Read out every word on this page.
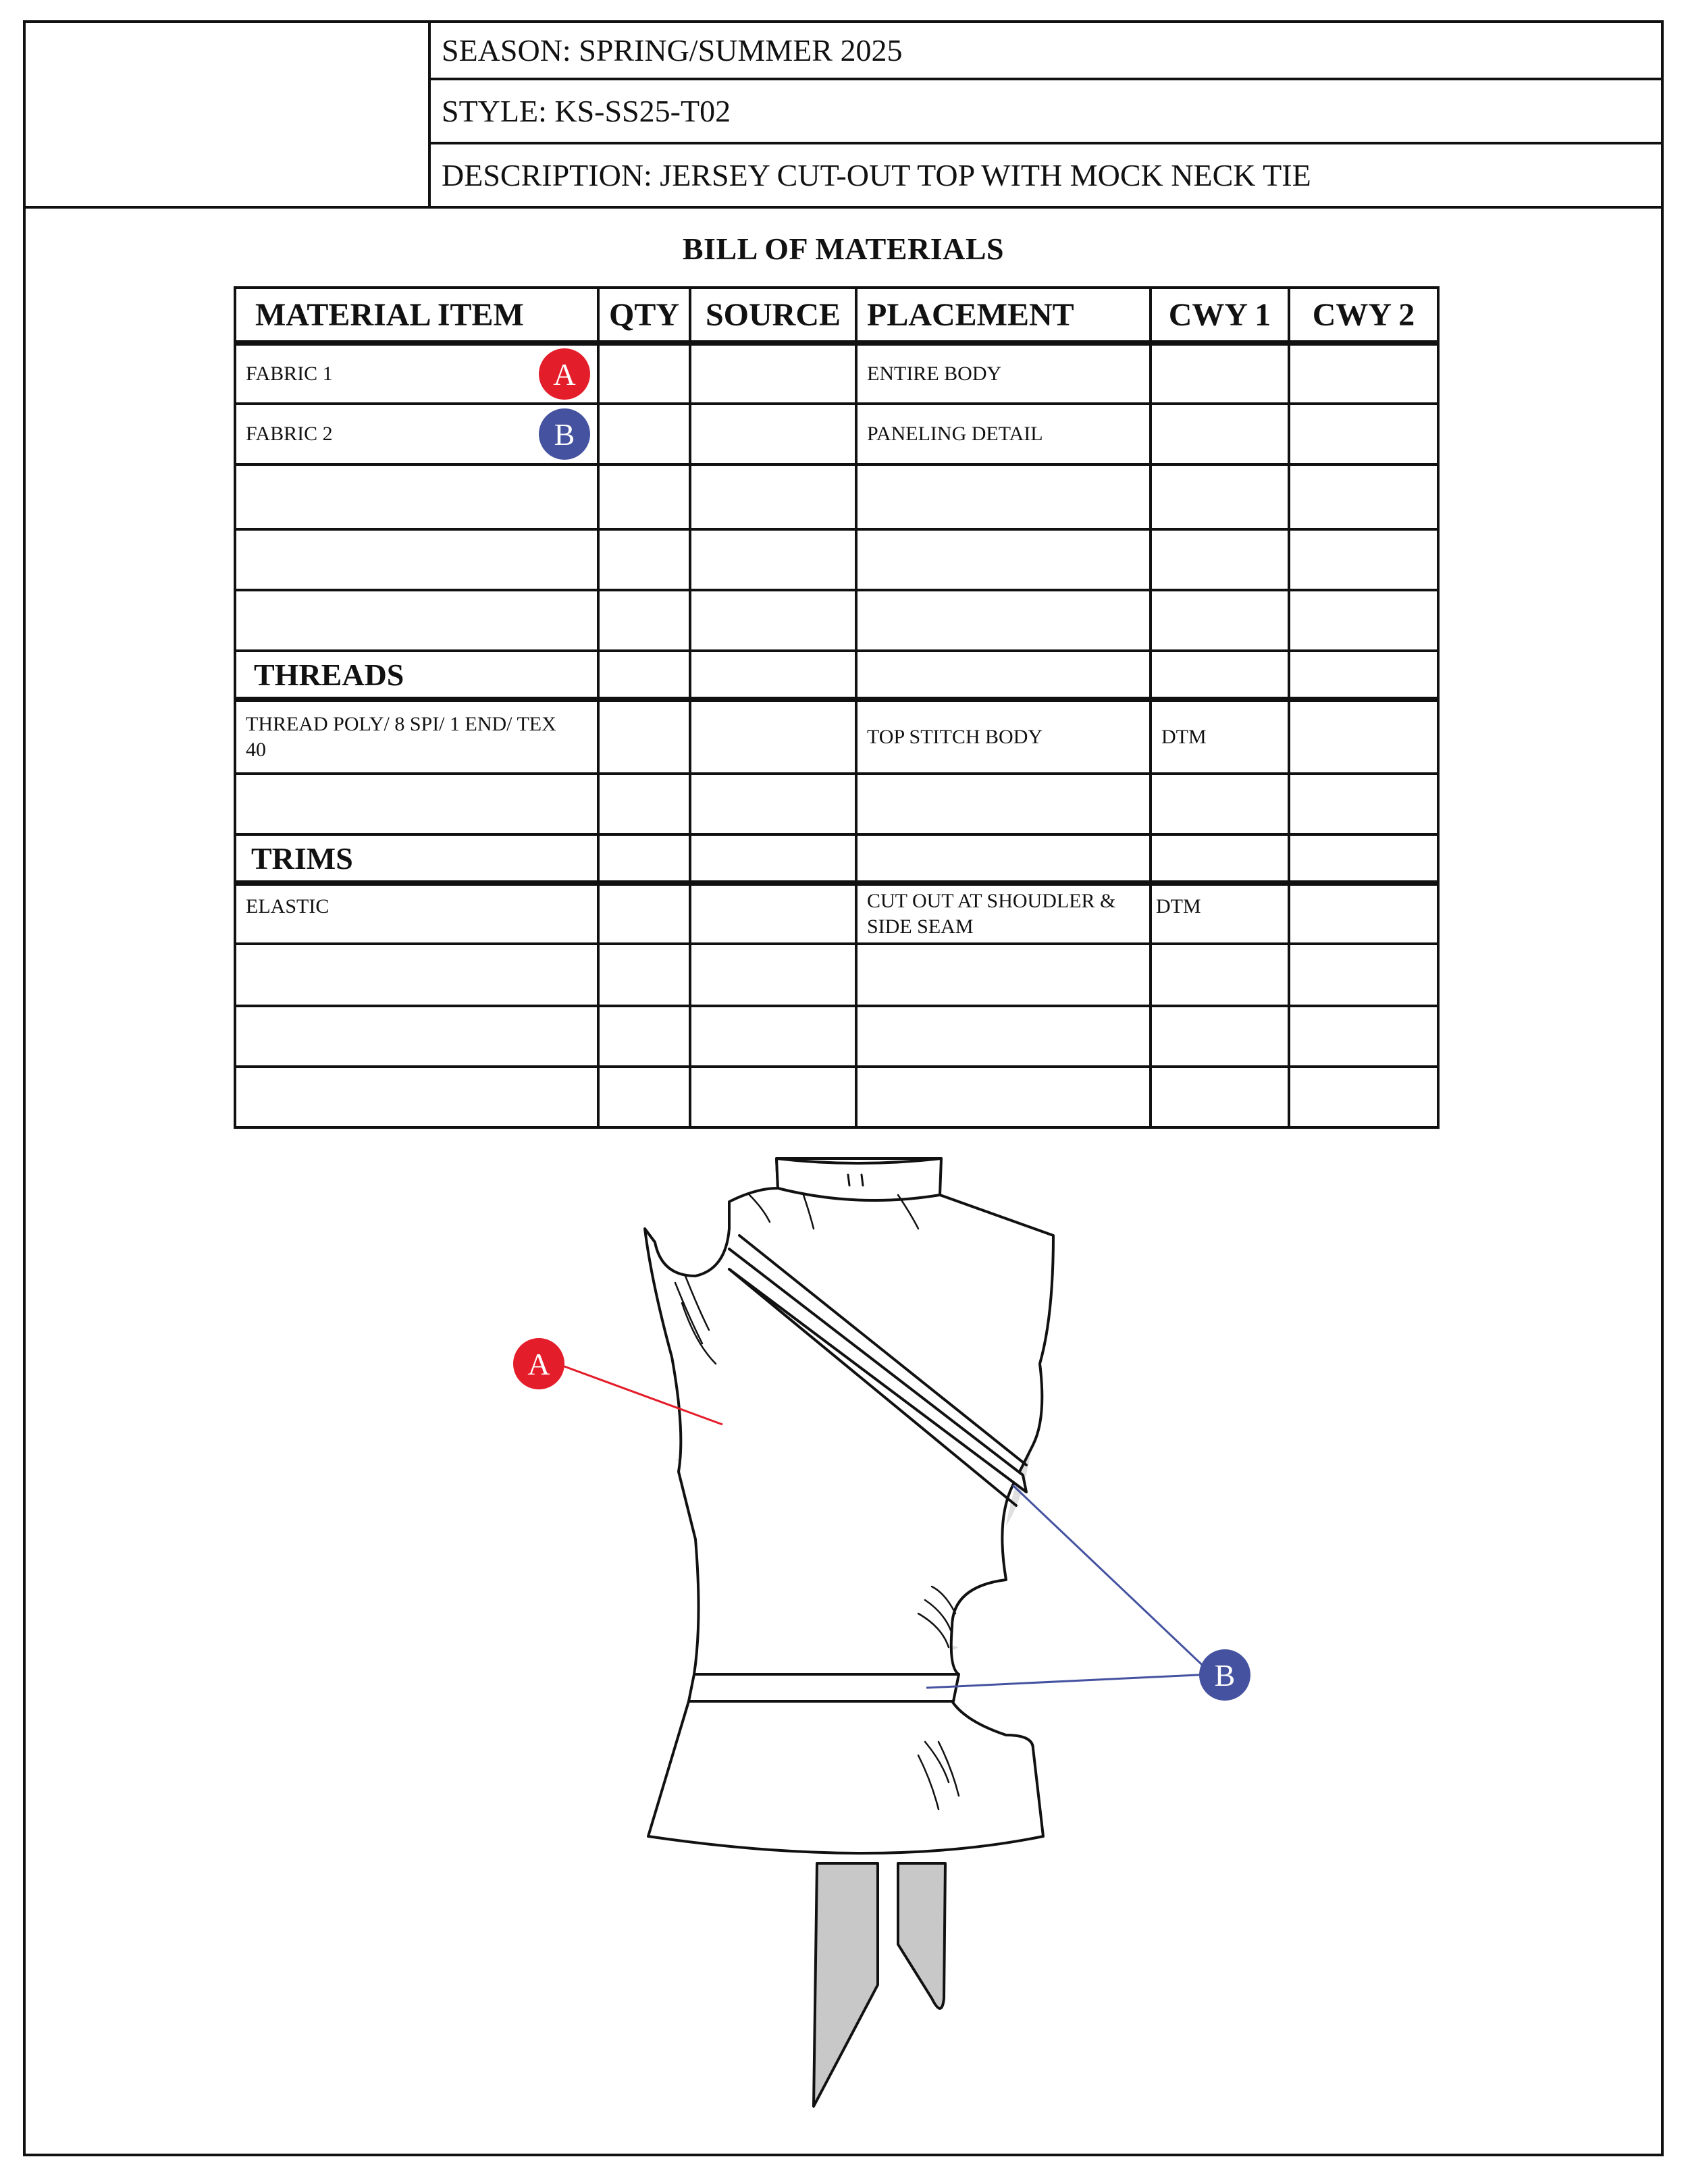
SEASON: SPRING/SUMMER 2025
STYLE: KS-SS25-T02
DESCRIPTION: JERSEY CUT-OUT TOP WITH MOCK NECK TIE
BILL OF MATERIALS
MATERIAL ITEM	QTY	SOURCE	PLACEMENT	CWY 1	CWY 2

FABRIC 1 A			ENTIRE BODY		

FABRIC 2 B			PANELING DETAIL		

THREADS					
THREAD POLY/ 8 SPI/ 1 END/ TEX 40			TOP STITCH BODY	DTM	

TRIMS					
ELASTIC			CUT OUT AT SHOUDLER & SIDE SEAM	DTM	

A
B
